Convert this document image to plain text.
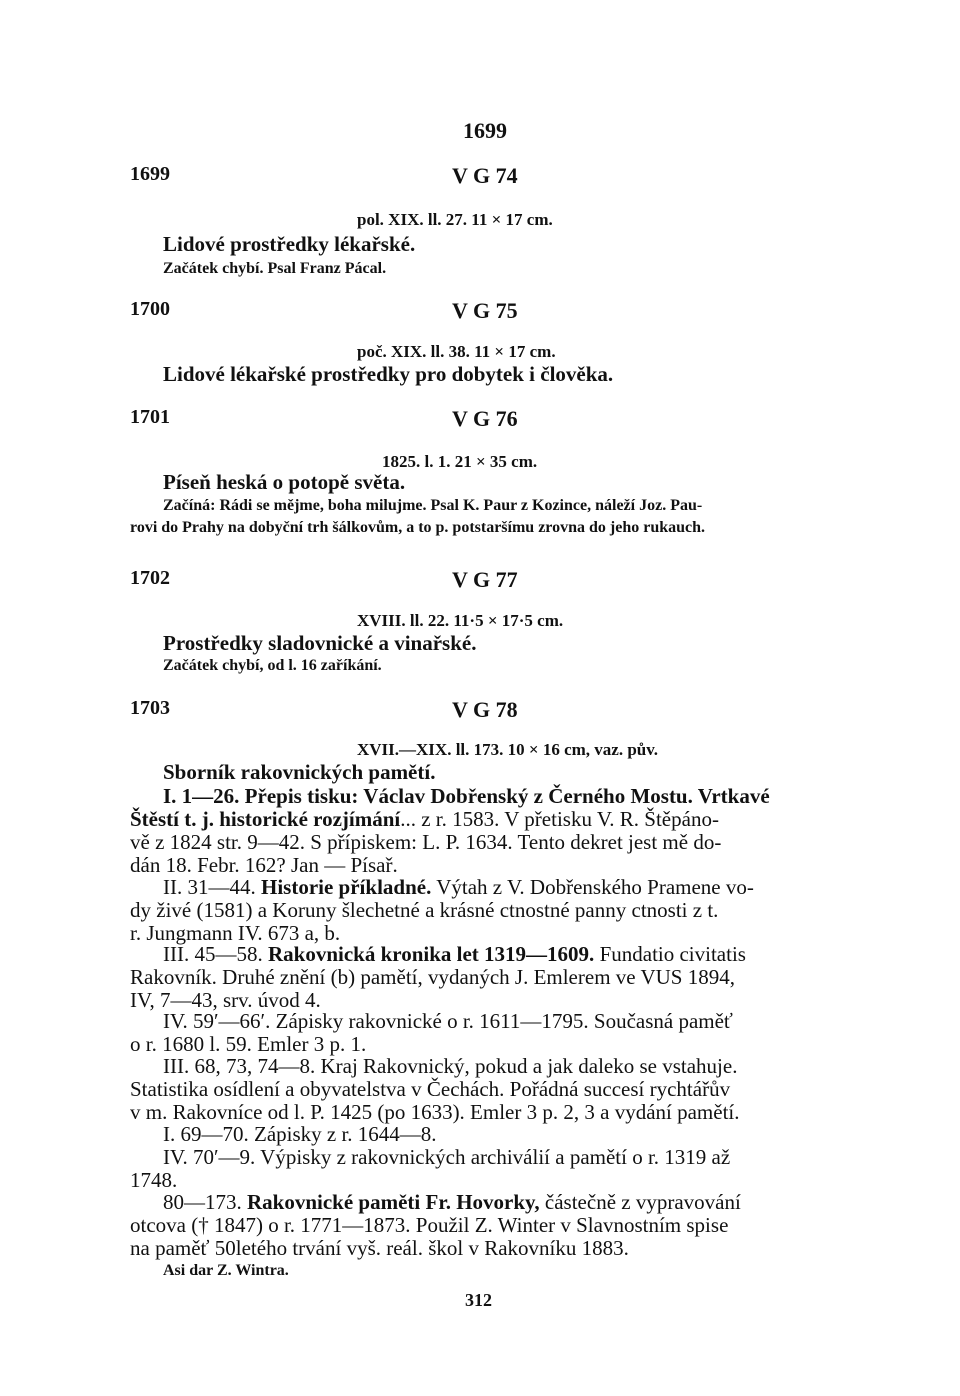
1699
1699	V G 74
pol. XIX. ll. 27. 11 × 17 cm.
Lidové prostředky lékařské.
Začátek chybí. Psal Franz Pácal.
1700	V G 75
poč. XIX. ll. 38. 11 × 17 cm.
Lidové lékařské prostředky pro dobytek i člověka.
1701	V G 76
1825. l. 1. 21 × 35 cm.
Píseň heská o potopě světa.
Začíná: Rádi se mějme, boha milujme. Psal K. Paur z Kozince, náleží Joz. Pau-
rovi do Prahy na dobyční trh šálkovům, a to p. potstaršímu zrovna do jeho rukauch.
1702	V G 77
XVIII. ll. 22. 11·5 × 17·5 cm.
Prostředky sladovnické a vinařské.
Začátek chybí, od l. 16 zaříkání.
1703	V G 78
XVII.—XIX. ll. 173. 10 × 16 cm, vaz. pův.
Sborník rakovnických pamětí.
I. 1—26. Přepis tisku: Václav Dobřenský z Černého Mostu. Vrtkavé
Štěstí t. j. historické rozjímání... z r. 1583. V přetisku V. R. Štěpáno-
vě z 1824 str. 9—42. S přípiskem: L. P. 1634. Tento dekret jest mě do-
dán 18. Febr. 162? Jan — Písař.
II. 31—44. Historie příkladné. Výtah z V. Dobřenského Pramene vo-
dy živé (1581) a Koruny šlechetné a krásné ctnostné panny ctnosti z t.
r. Jungmann IV. 673 a, b.
III. 45—58. Rakovnická kronika let 1319—1609. Fundatio civitatis
Rakovník. Druhé znění (b) pamětí, vydaných J. Emlerem ve VUS 1894,
IV, 7—43, srv. úvod 4.
IV. 59′—66′. Zápisky rakovnické o r. 1611—1795. Současná paměť
o r. 1680 l. 59. Emler 3 p. 1.
III. 68, 73, 74—8. Kraj Rakovnický, pokud a jak daleko se vstahuje.
Statistika osídlení a obyvatelstva v Čechách. Pořádná succesí rychtářův
v m. Rakovníce od l. P. 1425 (po 1633). Emler 3 p. 2, 3 a vydání pamětí.
I. 69—70. Zápisky z r. 1644—8.
IV. 70′—9. Výpisky z rakovnických archiválií a pamětí o r. 1319 až
1748.
80—173. Rakovnické paměti Fr. Hovorky, částečně z vypravování
otcova († 1847) o r. 1771—1873. Použil Z. Winter v Slavnostním spise
na paměť 50letého trvání vyš. reál. škol v Rakovníku 1883.
Asi dar Z. Wintra.
312
